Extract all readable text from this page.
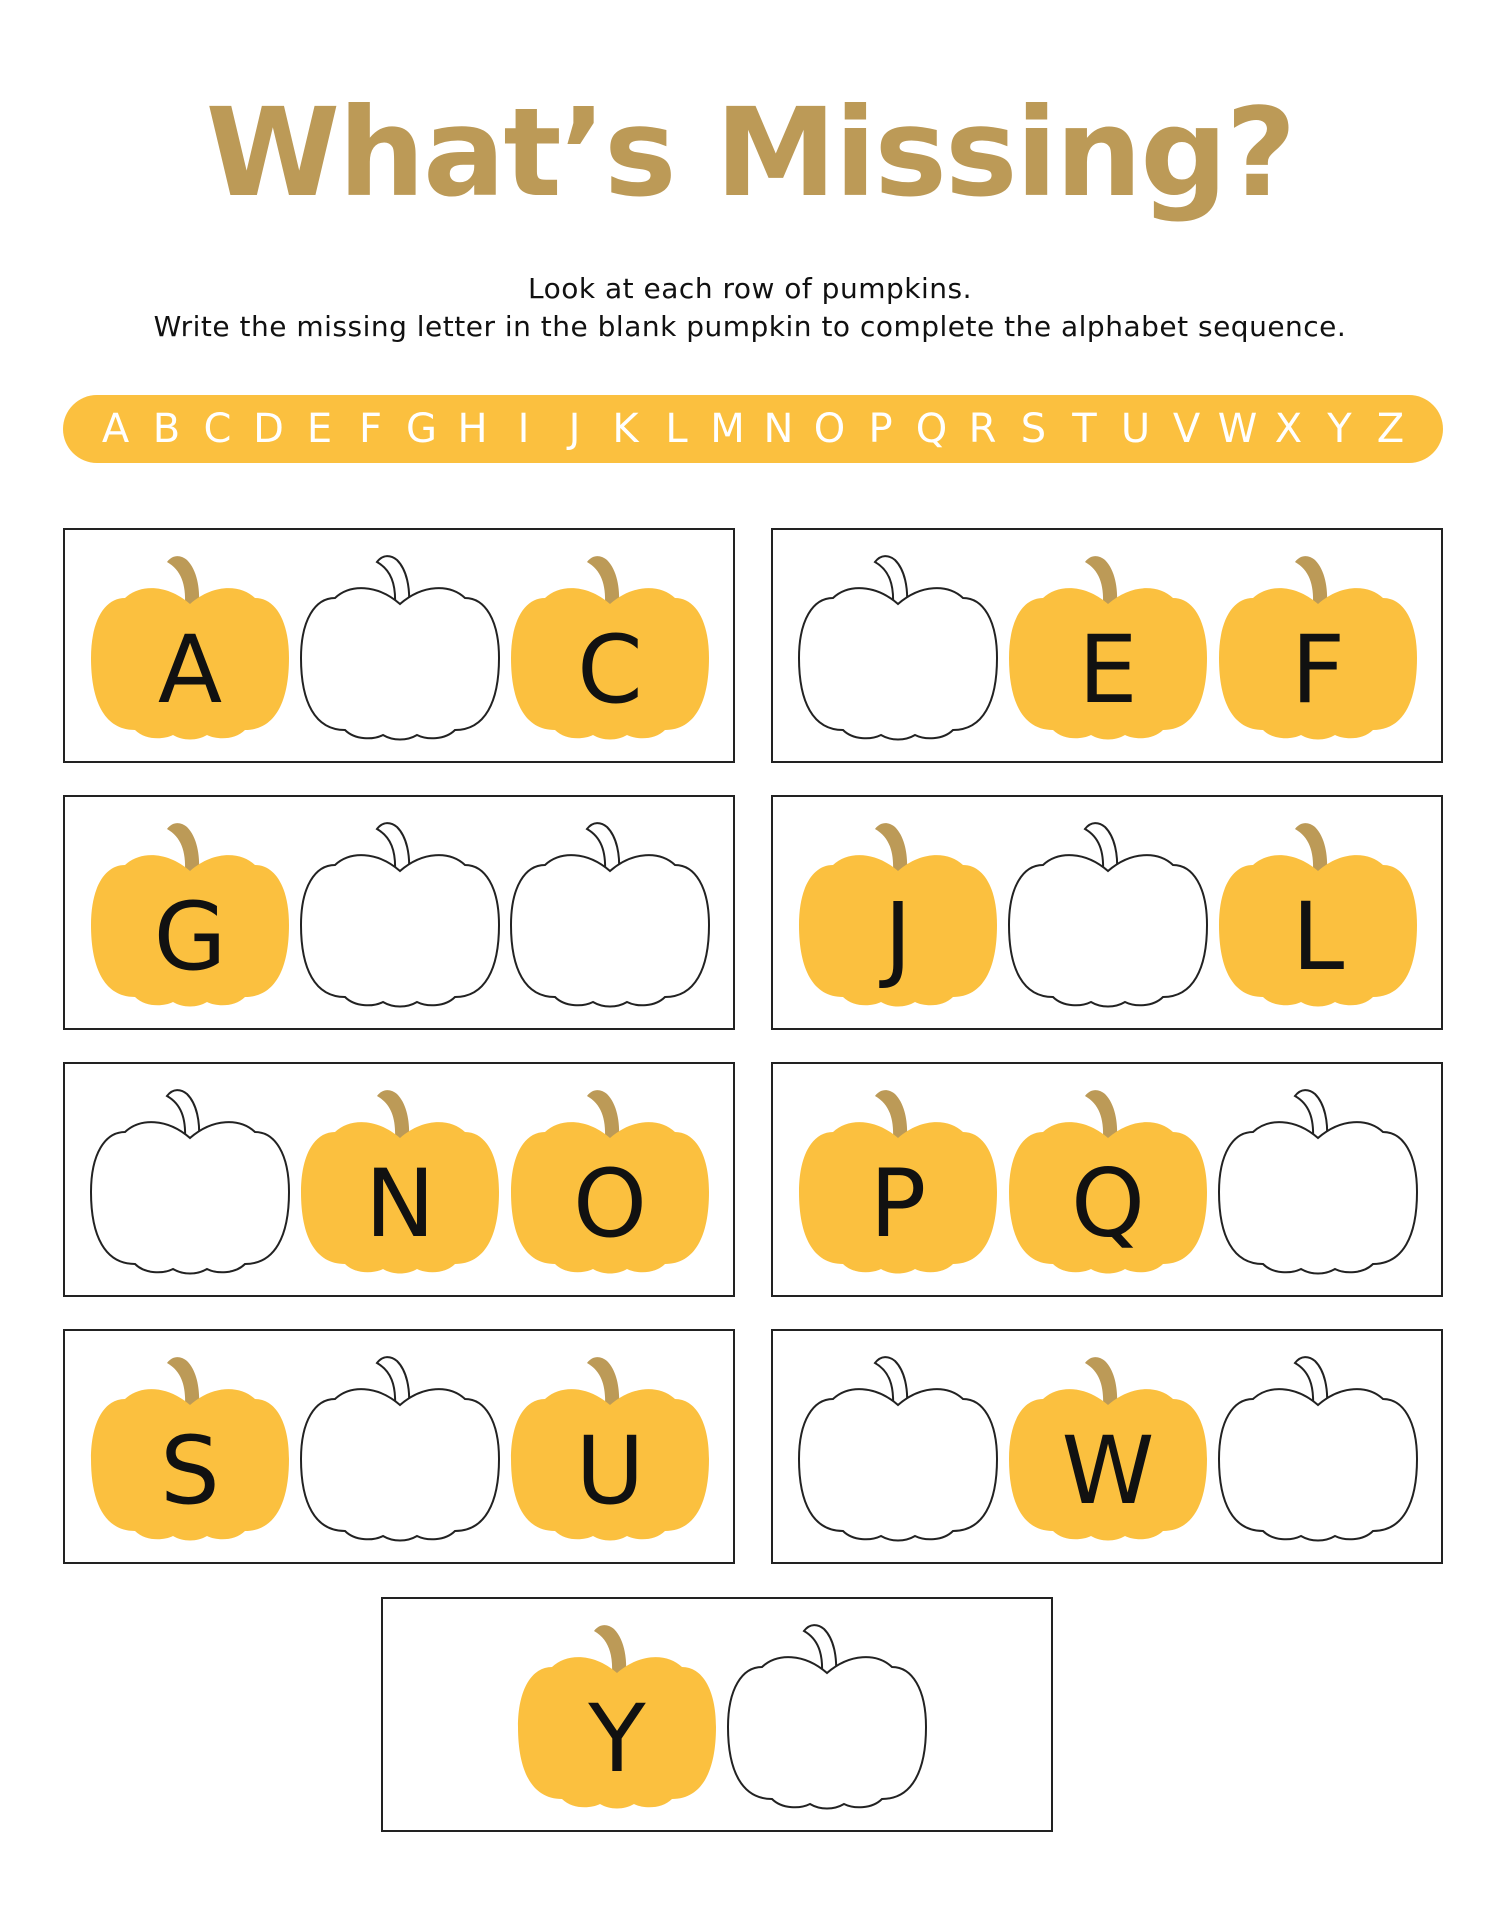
What’s Missing?
Look at each row of pumpkins.
Write the missing letter in the blank pumpkin to complete the alphabet sequence.
A B C D E F G H I J K L M N O P Q R S T U V W X Y Z
A	C	E	F
G	J	L
N	O	P	Q
S	U	W
Y
